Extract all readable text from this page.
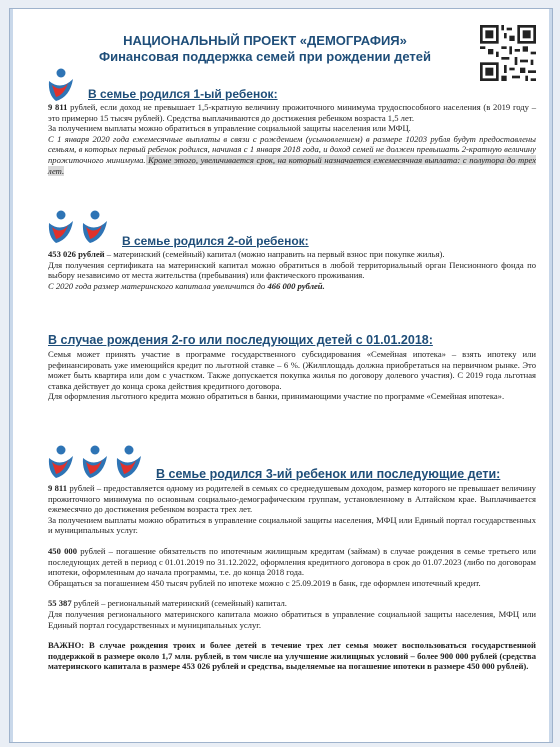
НАЦИОНАЛЬНЫЙ ПРОЕКТ «ДЕМОГРАФИЯ»
Финансовая поддержка семей при рождении детей
В семье родился 1-ый ребенок:

9 811 рублей, если доход не превышает 1,5-кратную величину прожиточного минимума трудоспособного населения (в 2019 году – это примерно 15 тысяч рублей). Средства выплачиваются до достижения ребенком возраста 1,5 лет.

За получением выплаты можно обратиться в управление социальной защиты населения или МФЦ.

С 1 января 2020 года ежемесячные выплаты в связи с рождением (усыновлением) в размере 10203 рубля будут предоставлены семьям, в которых первый ребенок родился, начиная с 1 января 2018 года, и доход семей не должен превышать 2-кратную величину прожиточного минимума. Кроме этого, увеличивается срок, на который назначается ежемесячная выплата: с полутора до трех лет.

В семье родился 2-ой ребенок:

453 026 рублей – материнский (семейный) капитал (можно направить на первый взнос при покупке жилья).

Для получения сертификата на материнский капитал можно обратиться в любой территориальный орган Пенсионного фонда по выбору независимо от места жительства (пребывания) или фактического проживания.

С 2020 года размер материнского капитала увеличится до 466 000 рублей.

В случае рождения 2-го или последующих детей с 01.01.2018:

Семья может принять участие в программе государственного субсидирования «Семейная ипотека» – взять ипотеку или рефинансировать уже имеющийся кредит по льготной ставке – 6 %. (Жилплощадь должна приобретаться на первичном рынке. Это может быть квартира или дом с участком. Также допускается покупка жилья по договору долевого участия). С 2019 года льготная ставка действует до конца срока действия кредитного договора.

Для оформления льготного кредита можно обратиться в банки, принимающими участие по программе «Семейная ипотека».

В семье родился 3-ий ребенок или последующие дети:

9 811 рублей – предоставляется одному из родителей в семьях со среднедушевым доходом, размер которого не превышает величину прожиточного минимума по основным социально-демографическим группам, установленному в Алтайском крае. Выплачивается ежемесячно до достижения ребенком возраста трех лет.

За получением выплаты можно обратиться в управление социальной защиты населения, МФЦ или Единый портал государственных и муниципальных услуг.

450 000 рублей – погашение обязательств по ипотечным жилищным кредитам (займам) в случае рождения в семье третьего или последующих детей в период с 01.01.2019 по 31.12.2022, оформления кредитного договора в срок до 01.07.2023 (либо по договорам ипотеки, оформленным до начала программы, т.е. до конца 2018 года.

Обращаться за погашением 450 тысяч рублей по ипотеке можно с 25.09.2019 в банк, где оформлен ипотечный кредит.

55 387 рублей – региональный материнский (семейный) капитал.

Для получения регионального материнского капитала можно обратиться в управление социальной защиты населения, МФЦ или Единый портал государственных и муниципальных услуг.

ВАЖНО: В случае рождения троих и более детей в течение трех лет семья может воспользоваться государственной поддержкой в размере около 1,7 млн. рублей, в том числе на улучшение жилищных условий – более 900 000 рублей (средства материнского капитала в размере 453 026 рублей и средства, выделяемые на погашение ипотеки в размере 450 000 рублей).
